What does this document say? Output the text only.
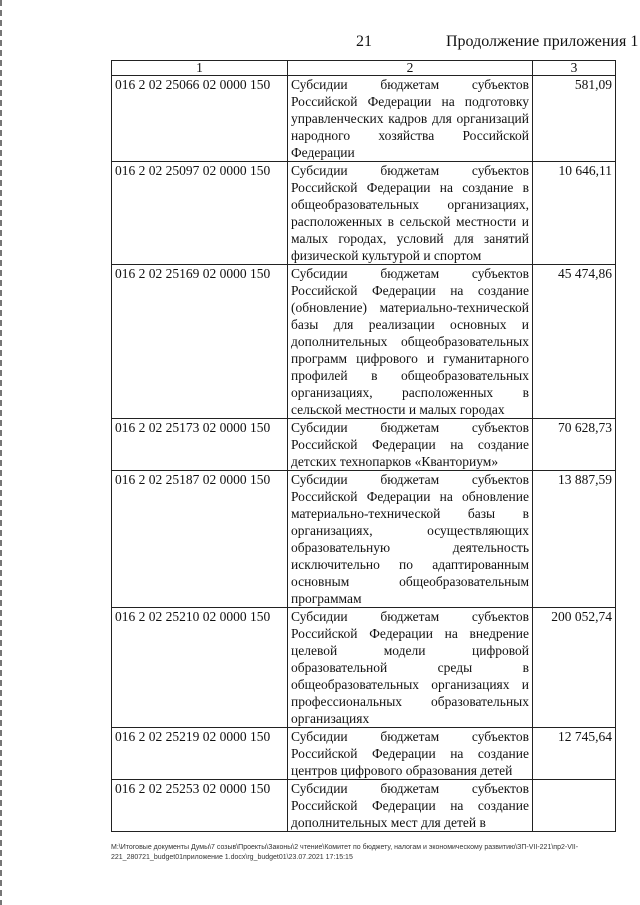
21	Продолжение приложения 1
1	2	3
016 2 02 25066 02 0000 150	Субсидии бюджетам субъектов Российской Федерации на подготовку управленческих кадров для организаций народного хозяйства Российской Федерации	581,09
016 2 02 25097 02 0000 150	Субсидии бюджетам субъектов Российской Федерации на создание в общеобразовательных организациях, расположенных в сельской местности и малых городах, условий для занятий физической культурой и спортом	10 646,11
016 2 02 25169 02 0000 150	Субсидии бюджетам субъектов Российской Федерации на создание (обновление) материально-технической базы для реализации основных и дополнительных общеобразовательных программ цифрового и гуманитарного профилей в общеобразовательных организациях, расположенных в сельской местности и малых городах	45 474,86
016 2 02 25173 02 0000 150	Субсидии бюджетам субъектов Российской Федерации на создание детских технопарков «Кванториум»	70 628,73
016 2 02 25187 02 0000 150	Субсидии бюджетам субъектов Российской Федерации на обновление материально-технической базы в организациях, осуществляющих образовательную деятельность исключительно по адаптированным основным общеобразовательным программам	13 887,59
016 2 02 25210 02 0000 150	Субсидии бюджетам субъектов Российской Федерации на внедрение целевой модели цифровой образовательной среды в общеобразовательных организациях и профессиональных образовательных организациях	200 052,74
016 2 02 25219 02 0000 150	Субсидии бюджетам субъектов Российской Федерации на создание центров цифрового образования детей	12 745,64
016 2 02 25253 02 0000 150	Субсидии бюджетам субъектов Российской Федерации на создание дополнительных мест для детей в	
M:\Итоговые документы Думы\7 созыв\Проекты\Законы\2 чтение\Комитет по бюджету, налогам и экономическому развитию\ЗП-VII-221\пр2-VII-221_280721_budget01приложение 1.docx\rg_budget01\23.07.2021 17:15:15
